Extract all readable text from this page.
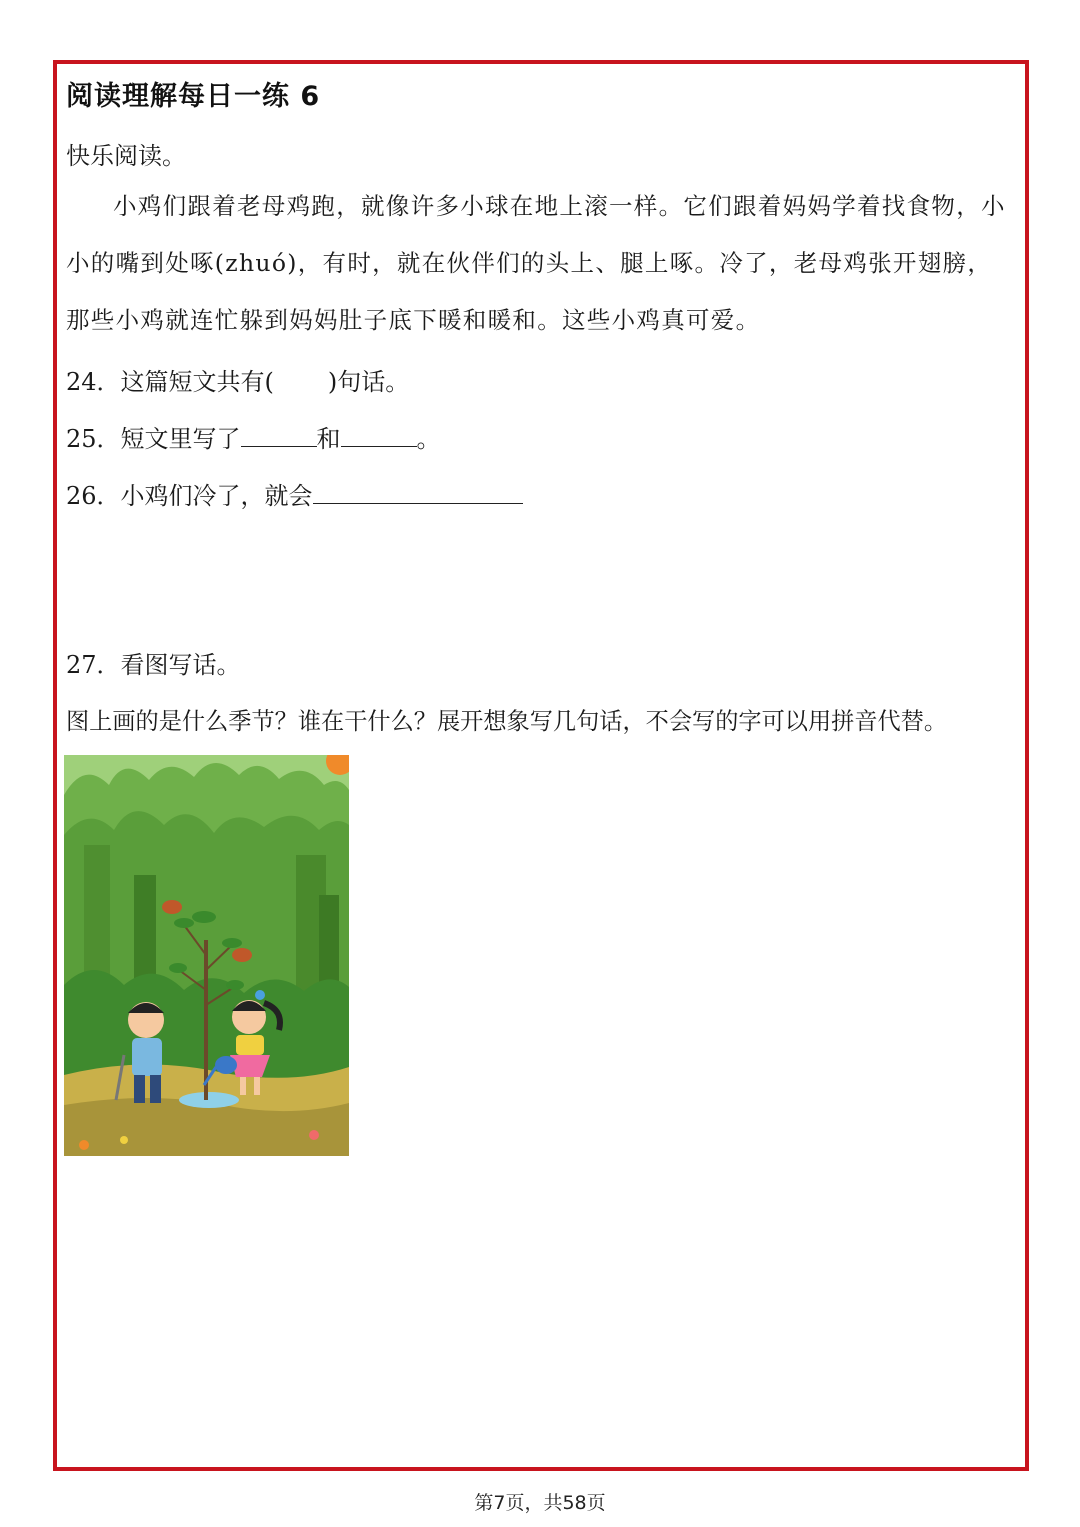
阅读理解每日一练 6
快乐阅读。
小鸡们跟着老母鸡跑，就像许多小球在地上滚一样。它们跟着妈妈学着找食物，小小的嘴到处啄(zhuó)，有时，就在伙伴们的头上、腿上啄。冷了，老母鸡张开翅膀，那些小鸡就连忙躲到妈妈肚子底下暖和暖和。这些小鸡真可爱。
24．这篇短文共有( )句话。
25．短文里写了	和	。
26．小鸡们冷了，就会
27．看图写话。
图上画的是什么季节？谁在干什么？展开想象写几句话，不会写的字可以用拼音代替。
第7页，共58页
